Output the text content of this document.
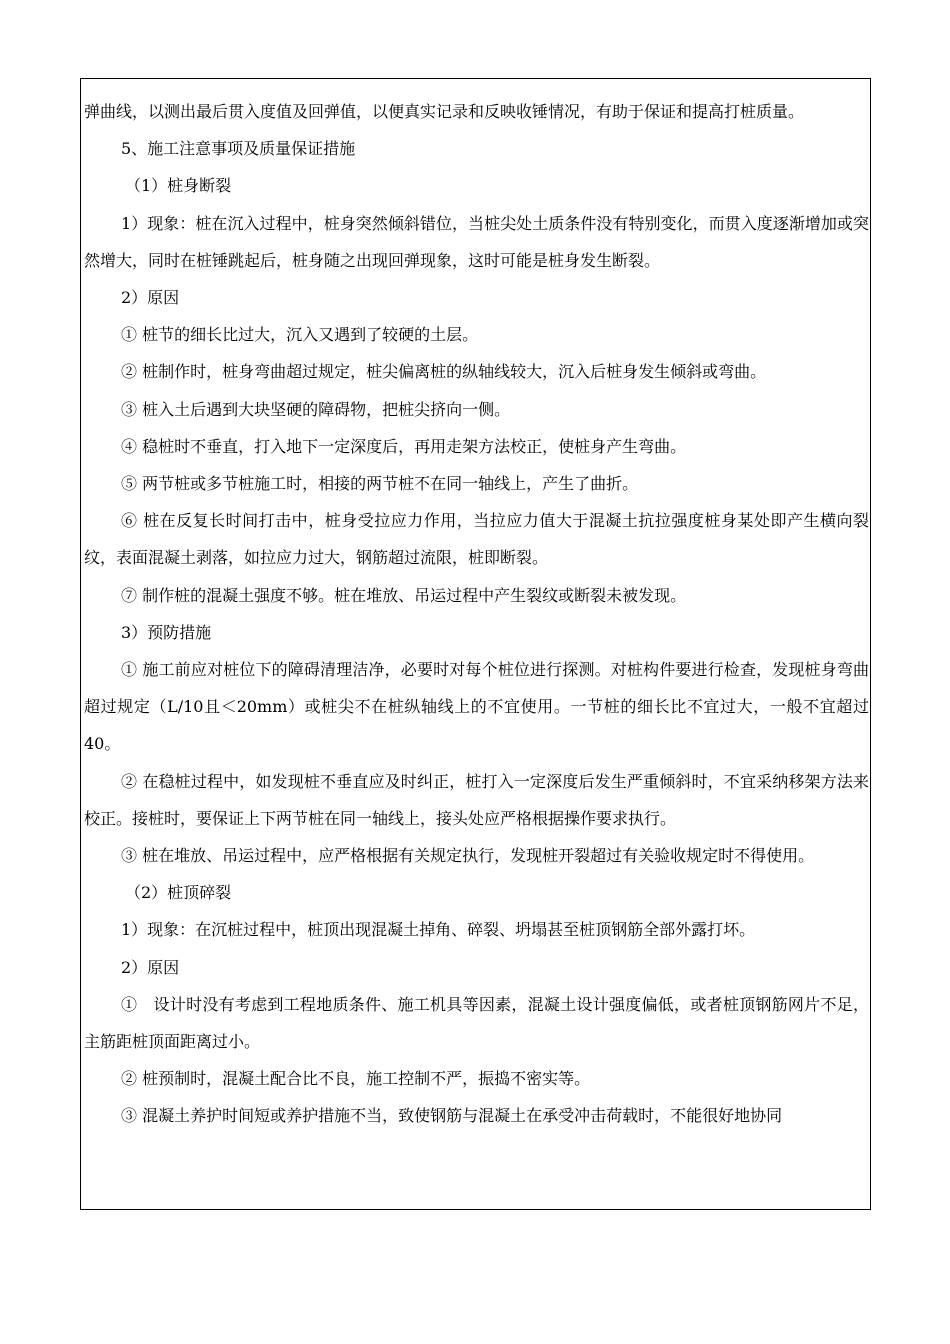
弹曲线，以测出最后贯入度值及回弹值，以便真实记录和反映收锤情况，有助于保证和提高打桩质量。

5、施工注意事项及质量保证措施

（1）桩身断裂

1）现象：桩在沉入过程中，桩身突然倾斜错位，当桩尖处土质条件没有特别变化，而贯入度逐渐增加或突然增大，同时在桩锤跳起后，桩身随之出现回弹现象，这时可能是桩身发生断裂。

2）原因

① 桩节的细长比过大，沉入又遇到了较硬的土层。

② 桩制作时，桩身弯曲超过规定，桩尖偏离桩的纵轴线较大，沉入后桩身发生倾斜或弯曲。

③ 桩入土后遇到大块坚硬的障碍物，把桩尖挤向一侧。

④ 稳桩时不垂直，打入地下一定深度后，再用走架方法校正，使桩身产生弯曲。

⑤ 两节桩或多节桩施工时，相接的两节桩不在同一轴线上，产生了曲折。

⑥ 桩在反复长时间打击中，桩身受拉应力作用，当拉应力值大于混凝土抗拉强度桩身某处即产生横向裂纹，表面混凝土剥落，如拉应力过大，钢筋超过流限，桩即断裂。

⑦ 制作桩的混凝土强度不够。桩在堆放、吊运过程中产生裂纹或断裂未被发现。

3）预防措施

① 施工前应对桩位下的障碍清理洁净，必要时对每个桩位进行探测。对桩构件要进行检查，发现桩身弯曲超过规定（L/10且＜20mm）或桩尖不在桩纵轴线上的不宜使用。一节桩的细长比不宜过大，一般不宜超过40。

② 在稳桩过程中，如发现桩不垂直应及时纠正，桩打入一定深度后发生严重倾斜时，不宜采纳移架方法来校正。接桩时，要保证上下两节桩在同一轴线上，接头处应严格根据操作要求执行。

③ 桩在堆放、吊运过程中，应严格根据有关规定执行，发现桩开裂超过有关验收规定时不得使用。

（2）桩顶碎裂

1）现象：在沉桩过程中，桩顶出现混凝土掉角、碎裂、坍塌甚至桩顶钢筋全部外露打坏。

2）原因

①　设计时没有考虑到工程地质条件、施工机具等因素，混凝土设计强度偏低，或者桩顶钢筋网片不足，主筋距桩顶面距离过小。

② 桩预制时，混凝土配合比不良，施工控制不严，振捣不密实等。

③ 混凝土养护时间短或养护措施不当，致使钢筋与混凝土在承受冲击荷载时，不能很好地协同
